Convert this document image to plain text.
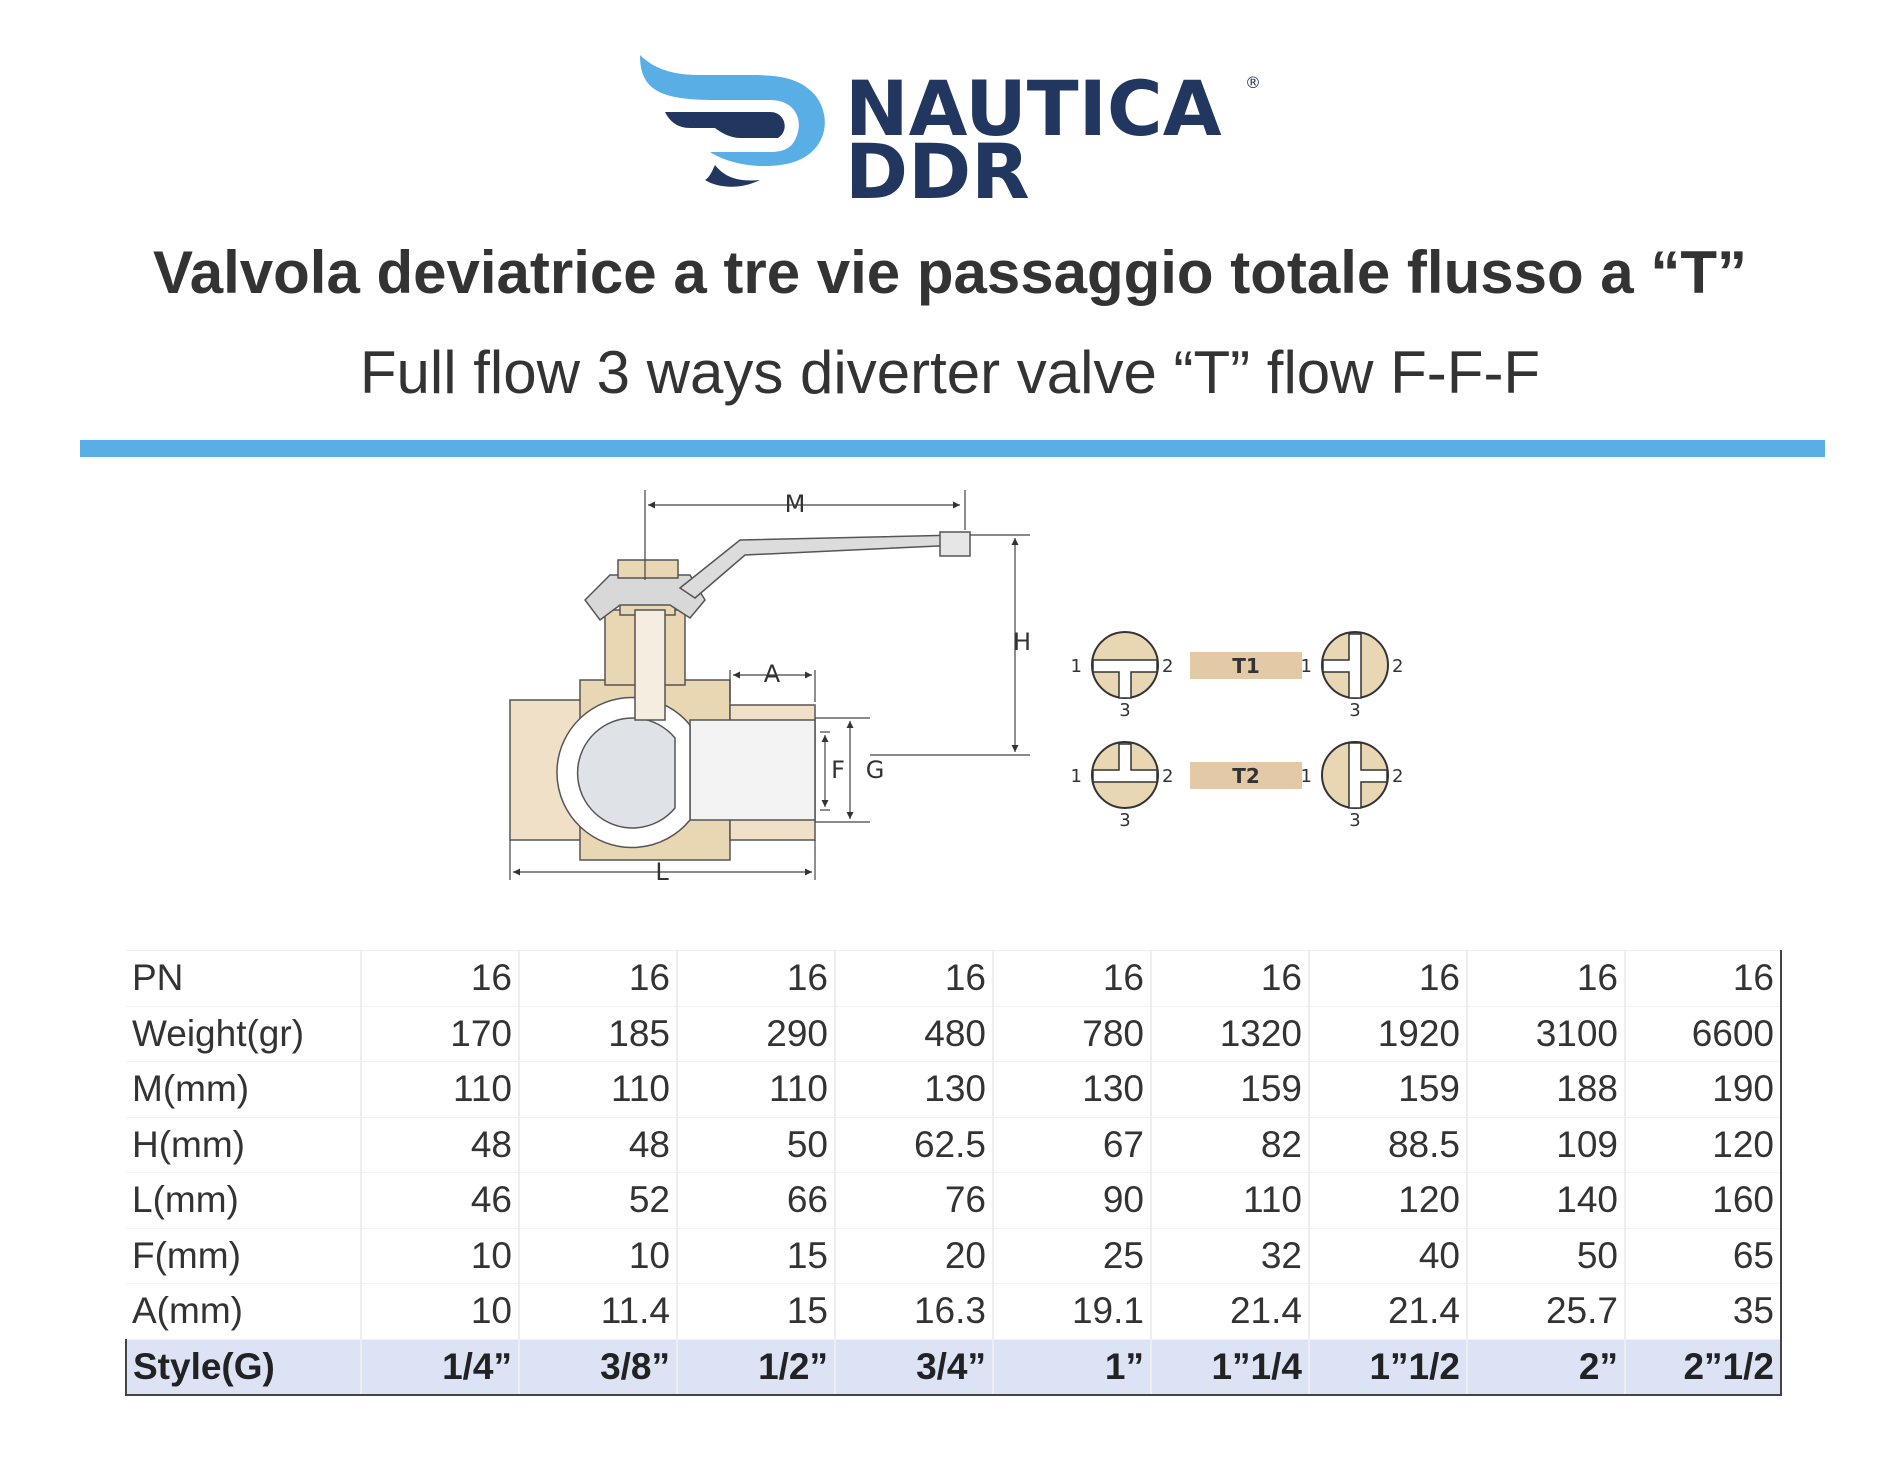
NAUTICA ®
DDR
Valvola deviatrice a tre vie passaggio totale flusso a “T”
Full flow 3 ways diverter valve “T” flow F-F-F
M
H
A
F G
L
1	2
3
T1 1	2
3
1	2
3
T2 1	2
3
PN	16	16	16	16	16	16	16	16	16
Weight(gr)	170	185	290	480	780	1320	1920	3100	6600
M(mm)	110	110	110	130	130	159	159	188	190
H(mm)	48	48	50	62.5	67	82	88.5	109	120
L(mm)	46	52	66	76	90	110	120	140	160
F(mm)	10	10	15	20	25	32	40	50	65
A(mm)	10	11.4	15	16.3	19.1	21.4	21.4	25.7	35
Style(G)	1/4”	3/8”	1/2”	3/4”	1”	1”1/4	1”1/2	2”	2”1/2
